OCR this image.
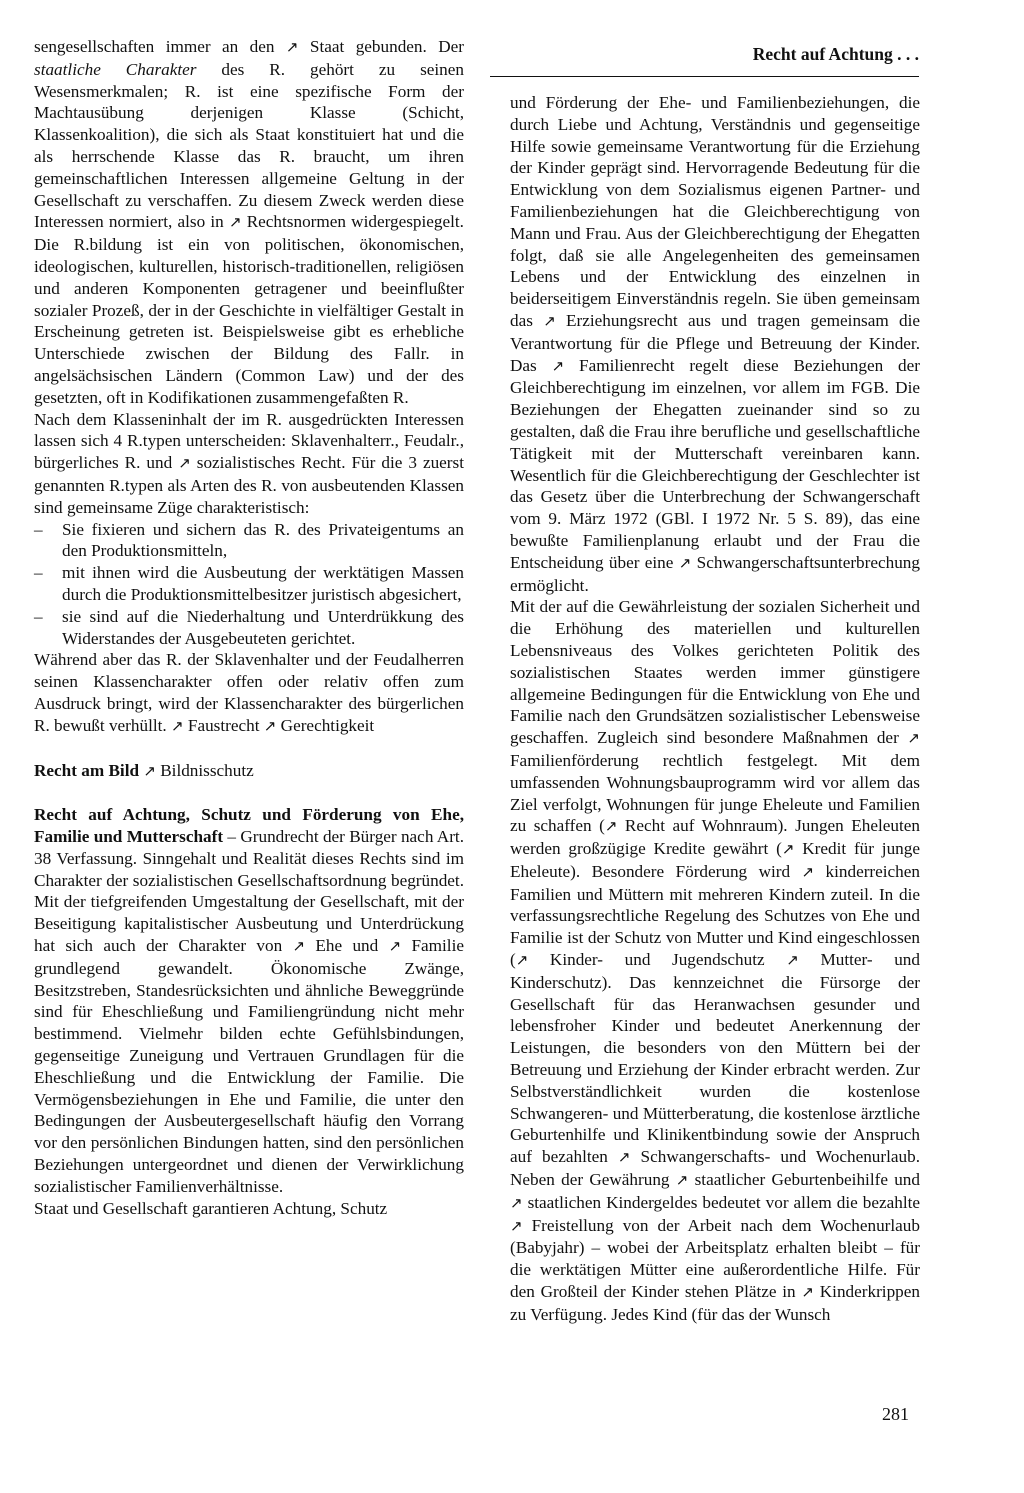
Recht auf Achtung . . .

sengesellschaften immer an den ↗ Staat gebunden. Der staatliche Charakter des R. gehört zu seinen Wesensmerkmalen; R. ist eine spezifische Form der Machtausübung derjenigen Klasse (Schicht, Klassenkoalition), die sich als Staat konstituiert hat und die als herrschende Klasse das R. braucht, um ihren gemeinschaftlichen Interessen allgemeine Geltung in der Gesellschaft zu verschaffen. Zu diesem Zweck werden diese Interessen normiert, also in ↗ Rechtsnormen widergespiegelt. Die R.bildung ist ein von politischen, ökonomischen, ideologischen, kulturellen, historisch-traditionellen, religiösen und anderen Komponenten getragener und beeinflußter sozialer Prozeß, der in der Geschichte in vielfältiger Gestalt in Erscheinung getreten ist. Beispielsweise gibt es erhebliche Unterschiede zwischen der Bildung des Fallr. in angelsächsischen Ländern (Common Law) und der des gesetzten, oft in Kodifikationen zusammengefaßten R.

Nach dem Klasseninhalt der im R. ausgedrückten Interessen lassen sich 4 R.typen unterscheiden: Sklavenhalterr., Feudalr., bürgerliches R. und ↗ sozialistisches Recht. Für die 3 zuerst genannten R.typen als Arten des R. von ausbeutenden Klassen sind gemeinsame Züge charakteristisch:

– Sie fixieren und sichern das R. des Privateigentums an den Produktionsmitteln,
– mit ihnen wird die Ausbeutung der werktätigen Massen durch die Produktionsmittelbesitzer juristisch abgesichert,
– sie sind auf die Niederhaltung und Unterdrükkung des Widerstandes der Ausgebeuteten gerichtet.

Während aber das R. der Sklavenhalter und der Feudalherren seinen Klassencharakter offen oder relativ offen zum Ausdruck bringt, wird der Klassencharakter des bürgerlichen R. bewußt verhüllt. ↗ Faustrecht ↗ Gerechtigkeit

Recht am Bild ↗ Bildnisschutz

Recht auf Achtung, Schutz und Förderung von Ehe, Familie und Mutterschaft – Grundrecht der Bürger nach Art. 38 Verfassung. Sinngehalt und Realität dieses Rechts sind im Charakter der sozialistischen Gesellschaftsordnung begründet. Mit der tiefgreifenden Umgestaltung der Gesellschaft, mit der Beseitigung kapitalistischer Ausbeutung und Unterdrückung hat sich auch der Charakter von ↗ Ehe und ↗ Familie grundlegend gewandelt. Ökonomische Zwänge, Besitzstreben, Standesrücksichten und ähnliche Beweggründe sind für Eheschließung und Familiengründung nicht mehr bestimmend. Vielmehr bilden echte Gefühlsbindungen, gegenseitige Zuneigung und Vertrauen Grundlagen für die Eheschließung und die Entwicklung der Familie. Die Vermögensbeziehungen in Ehe und Familie, die unter den Bedingungen der Ausbeutergesellschaft häufig den Vorrang vor den persönlichen Bindungen hatten, sind den persönlichen Beziehungen untergeordnet und dienen der Verwirklichung sozialistischer Familienverhältnisse.

Staat und Gesellschaft garantieren Achtung, Schutz

und Förderung der Ehe- und Familienbeziehungen, die durch Liebe und Achtung, Verständnis und gegenseitige Hilfe sowie gemeinsame Verantwortung für die Erziehung der Kinder geprägt sind. Hervorragende Bedeutung für die Entwicklung von dem Sozialismus eigenen Partner- und Familienbeziehungen hat die Gleichberechtigung von Mann und Frau. Aus der Gleichberechtigung der Ehegatten folgt, daß sie alle Angelegenheiten des gemeinsamen Lebens und der Entwicklung des einzelnen in beiderseitigem Einverständnis regeln. Sie üben gemeinsam das ↗ Erziehungsrecht aus und tragen gemeinsam die Verantwortung für die Pflege und Betreuung der Kinder. Das ↗ Familienrecht regelt diese Beziehungen der Gleichberechtigung im einzelnen, vor allem im FGB. Die Beziehungen der Ehegatten zueinander sind so zu gestalten, daß die Frau ihre berufliche und gesellschaftliche Tätigkeit mit der Mutterschaft vereinbaren kann. Wesentlich für die Gleichberechtigung der Geschlechter ist das Gesetz über die Unterbrechung der Schwangerschaft vom 9. März 1972 (GBl. I 1972 Nr. 5 S. 89), das eine bewußte Familienplanung erlaubt und der Frau die Entscheidung über eine ↗ Schwangerschaftsunterbrechung ermöglicht.

Mit der auf die Gewährleistung der sozialen Sicherheit und die Erhöhung des materiellen und kulturellen Lebensniveaus des Volkes gerichteten Politik des sozialistischen Staates werden immer günstigere allgemeine Bedingungen für die Entwicklung von Ehe und Familie nach den Grundsätzen sozialistischer Lebensweise geschaffen. Zugleich sind besondere Maßnahmen der ↗ Familienförderung rechtlich festgelegt. Mit dem umfassenden Wohnungsbauprogramm wird vor allem das Ziel verfolgt, Wohnungen für junge Eheleute und Familien zu schaffen (↗ Recht auf Wohnraum). Jungen Eheleuten werden großzügige Kredite gewährt (↗ Kredit für junge Eheleute). Besondere Förderung wird ↗ kinderreichen Familien und Müttern mit mehreren Kindern zuteil. In die verfassungsrechtliche Regelung des Schutzes von Ehe und Familie ist der Schutz von Mutter und Kind eingeschlossen (↗ Kinder- und Jugendschutz ↗ Mutter- und Kinderschutz). Das kennzeichnet die Fürsorge der Gesellschaft für das Heranwachsen gesunder und lebensfroher Kinder und bedeutet Anerkennung der Leistungen, die besonders von den Müttern bei der Betreuung und Erziehung der Kinder erbracht werden. Zur Selbstverständlichkeit wurden die kostenlose Schwangeren- und Mütterberatung, die kostenlose ärztliche Geburtenhilfe und Klinikentbindung sowie der Anspruch auf bezahlten ↗ Schwangerschafts- und Wochenurlaub. Neben der Gewährung ↗ staatlicher Geburtenbeihilfe und ↗ staatlichen Kindergeldes bedeutet vor allem die bezahlte ↗ Freistellung von der Arbeit nach dem Wochenurlaub (Babyjahr) – wobei der Arbeitsplatz erhalten bleibt – für die werktätigen Mütter eine außerordentliche Hilfe. Für den Großteil der Kinder stehen Plätze in ↗ Kinderkrippen zu Verfügung. Jedes Kind (für das der Wunsch

281
